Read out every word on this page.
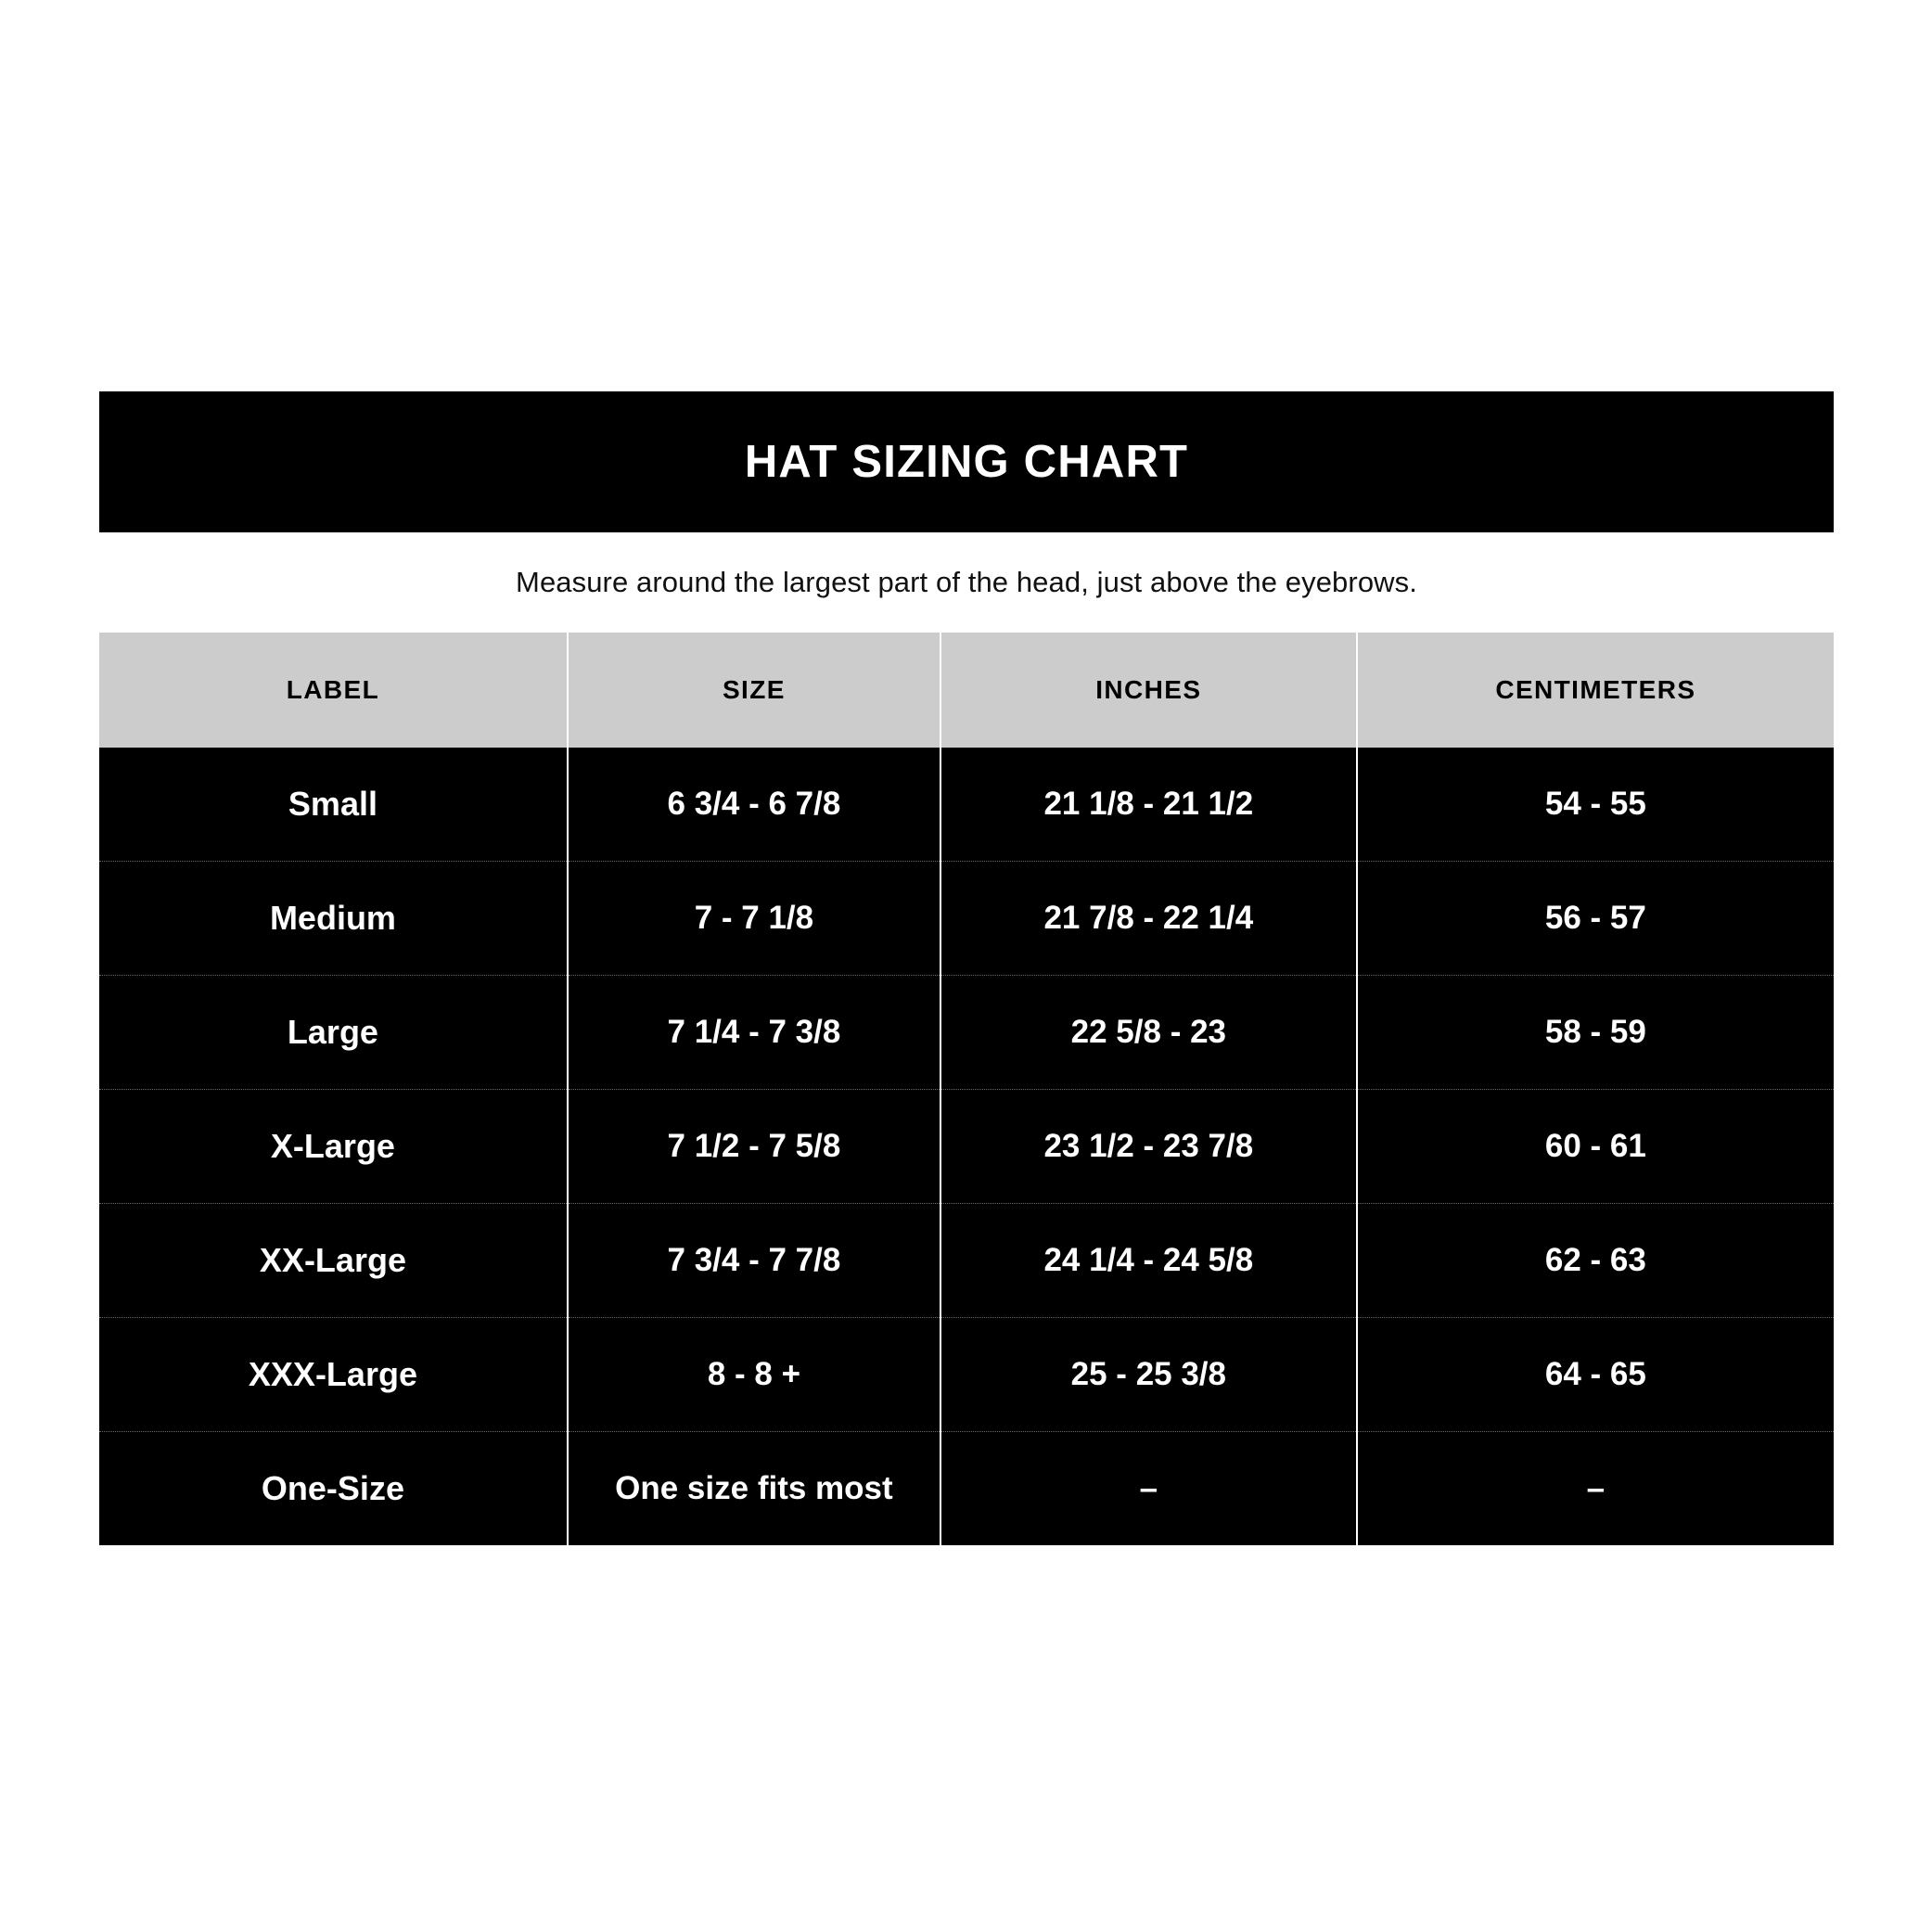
HAT SIZING CHART
Measure around the largest part of the head, just above the eyebrows.
LABEL	SIZE	INCHES	CENTIMETERS
Small	6 3/4 - 6 7/8	21 1/8 - 21 1/2	54 - 55
Medium	7 - 7 1/8	21 7/8 - 22 1/4	56 - 57
Large	7 1/4 - 7 3/8	22 5/8 - 23	58 - 59
X-Large	7 1/2 - 7 5/8	23 1/2 - 23 7/8	60 - 61
XX-Large	7 3/4 - 7 7/8	24 1/4 - 24 5/8	62 - 63
XXX-Large	8 - 8 +	25 - 25 3/8	64 - 65
One-Size	One size fits most	–	–
